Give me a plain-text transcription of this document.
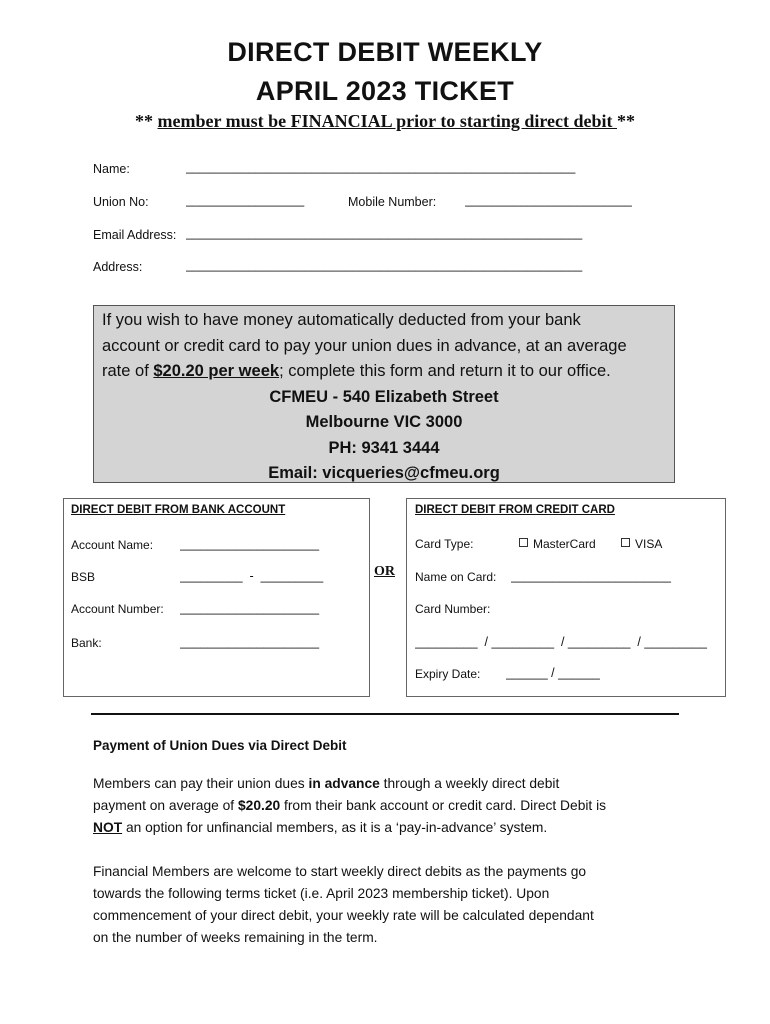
DIRECT DEBIT WEEKLY
APRIL 2023 TICKET
** member must be FINANCIAL prior to starting direct debit **
Name:	________________________________________________________
Union No:	_________________	Mobile Number: ________________________
Email Address: _________________________________________________________
Address:	_________________________________________________________
If you wish to have money automatically deducted from your bank
account or credit card to pay your union dues in advance, at an average
rate of $20.20 per week; complete this form and return it to our office.
CFMEU - 540 Elizabeth Street
Melbourne VIC 3000
PH: 9341 3444
Email: vicqueries@cfmeu.org
DIRECT DEBIT FROM BANK ACCOUNT
Account Name: ____________________
BSB	_________  -  _________
Account Number: ____________________
Bank:	____________________
OR
DIRECT DEBIT FROM CREDIT CARD
Card Type:	MasterCard	VISA
Name on Card: _______________________
Card Number:
_________  / _________  / _________  / _________
Expiry Date: ______ / ______
Payment of Union Dues via Direct Debit
Members can pay their union dues in advance through a weekly direct debit
payment on average of $20.20 from their bank account or credit card. Direct Debit is
NOT an option for unfinancial members, as it is a ‘pay-in-advance’ system.
Financial Members are welcome to start weekly direct debits as the payments go
towards the following terms ticket (i.e. April 2023 membership ticket). Upon
commencement of your direct debit, your weekly rate will be calculated dependant
on the number of weeks remaining in the term.
